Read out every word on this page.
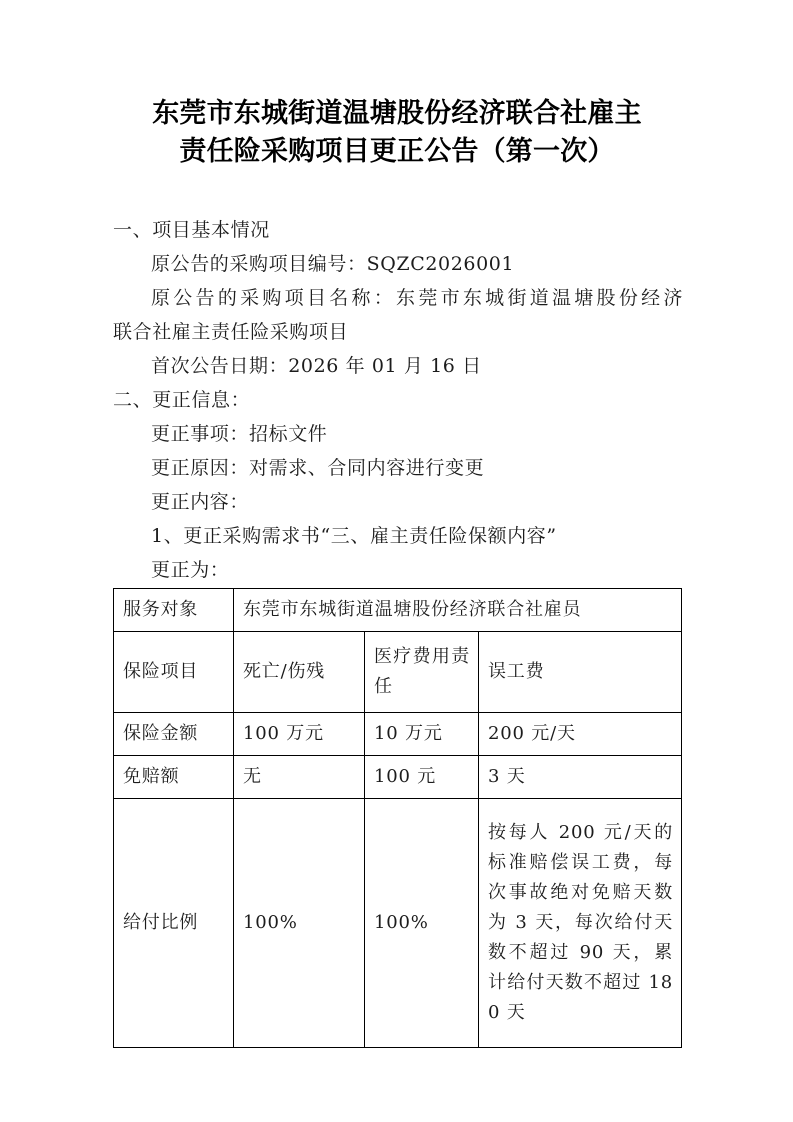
东莞市东城街道温塘股份经济联合社雇主
责任险采购项目更正公告（第一次）

一、项目基本情况

原公告的采购项目编号：SQZC2026001

原公告的采购项目名称：东莞市东城街道温塘股份经济

联合社雇主责任险采购项目

首次公告日期：2026 年 01 月 16 日

二、更正信息：

更正事项：招标文件

更正原因：对需求、合同内容进行变更

更正内容：

1、更正采购需求书“三、雇主责任险保额内容”

更正为：

服务对象	东莞市东城街道温塘股份经济联合社雇员		
保险项目	死亡/伤残	医疗费用责任	误工费
保险金额	100 万元	10 万元	200 元/天
免赔额	无	100 元	3 天
给付比例	100%	100%	按每人 200 元/天的标准赔偿误工费，每次事故绝对免赔天数为 3 天，每次给付天数不超过 90 天，累计给付天数不超过 180 天
